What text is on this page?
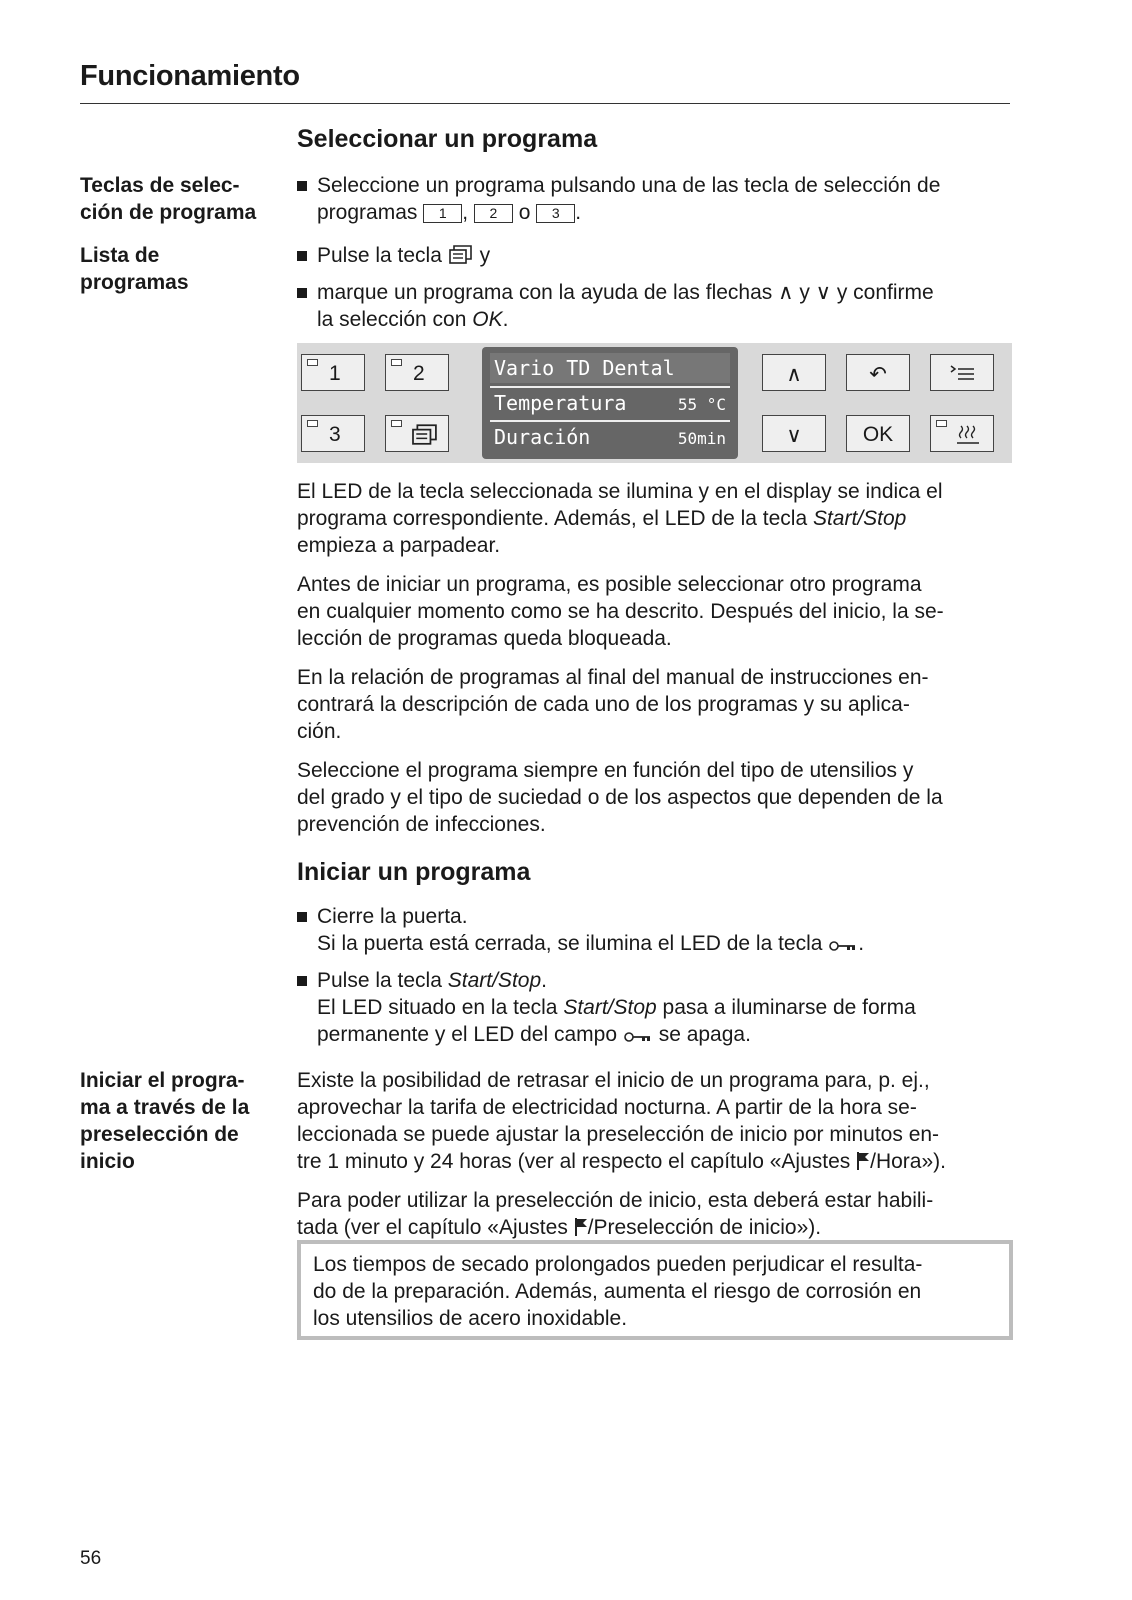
Funcionamiento
Seleccionar un programa
Teclas de selec-
ción de programa
Seleccione un programa pulsando una de las tecla de selección de
programas 1 , 2 o 3 .
Lista de
programas
Pulse la tecla y
marque un programa con la ayuda de las flechas ∧ y ∨ y confirme
la selección con OK.
1	2
3
Vario TD Dental
Temperatura	55 °C
Duración	50min
∧	↶
∨	OK
El LED de la tecla seleccionada se ilumina y en el display se indica el
programa correspondiente. Además, el LED de la tecla Start/Stop
empieza a parpadear.
Antes de iniciar un programa, es posible seleccionar otro programa
en cualquier momento como se ha descrito. Después del inicio, la se-
lección de programas queda bloqueada.
En la relación de programas al final del manual de instrucciones en-
contrará la descripción de cada uno de los programas y su aplica-
ción.
Seleccione el programa siempre en función del tipo de utensilios y
del grado y el tipo de suciedad o de los aspectos que dependen de la
prevención de infecciones.
Iniciar un programa
Cierre la puerta.
Si la puerta está cerrada, se ilumina el LED de la tecla .
Pulse la tecla Start/Stop.
El LED situado en la tecla Start/Stop pasa a iluminarse de forma
permanente y el LED del campo se apaga.
Iniciar el progra-
ma a través de la
preselección de
inicio
Existe la posibilidad de retrasar el inicio de un programa para, p. ej.,
aprovechar la tarifa de electricidad nocturna. A partir de la hora se-
leccionada se puede ajustar la preselección de inicio por minutos en-
tre 1 minuto y 24 horas (ver al respecto el capítulo «Ajustes /Hora»).
Para poder utilizar la preselección de inicio, esta deberá estar habili-
tada (ver el capítulo «Ajustes /Preselección de inicio»).
Los tiempos de secado prolongados pueden perjudicar el resulta-
do de la preparación. Además, aumenta el riesgo de corrosión en
los utensilios de acero inoxidable.
56
